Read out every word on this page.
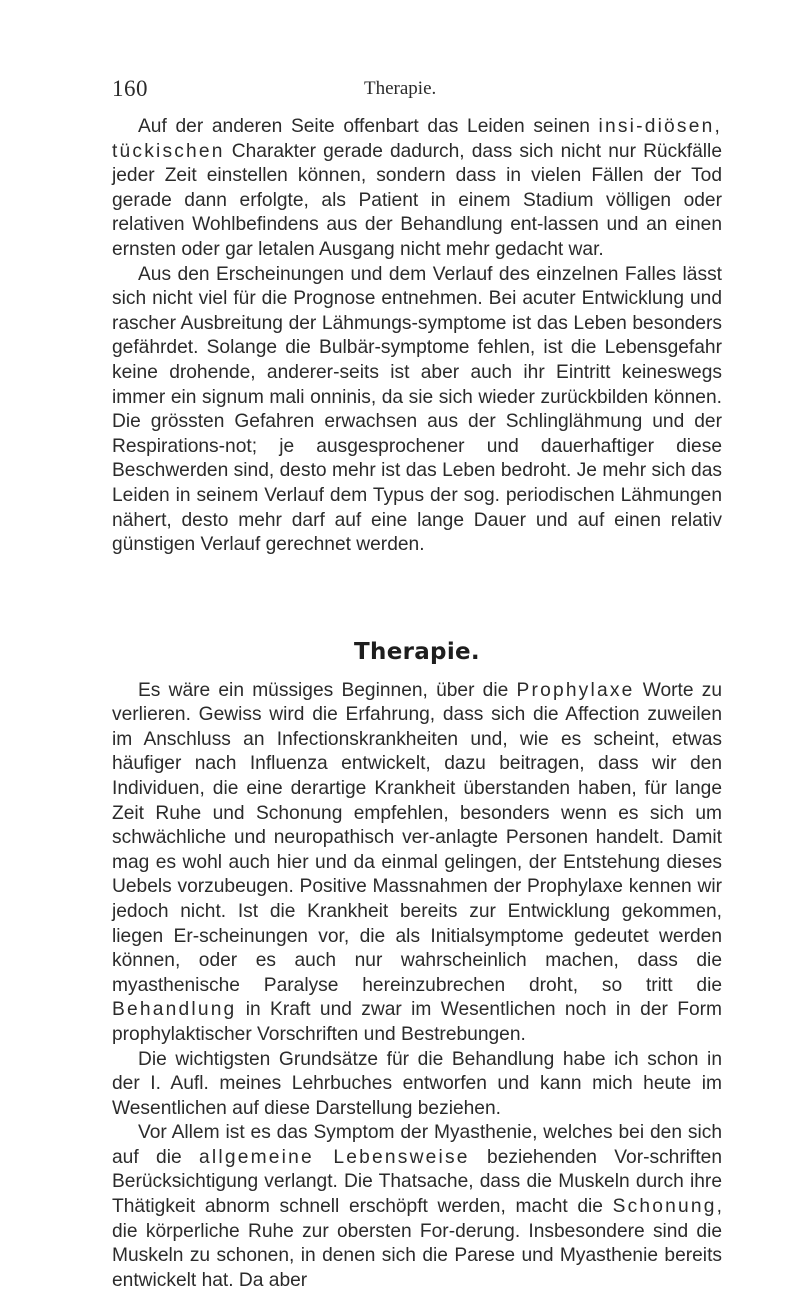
160	Therapie.

Auf der anderen Seite offenbart das Leiden seinen insi-diösen, tückischen Charakter gerade dadurch, dass sich nicht nur Rückfälle jeder Zeit einstellen können, sondern dass in vielen Fällen der Tod gerade dann erfolgte, als Patient in einem Stadium völligen oder relativen Wohlbefindens aus der Behandlung ent-lassen und an einen ernsten oder gar letalen Ausgang nicht mehr gedacht war.

Aus den Erscheinungen und dem Verlauf des einzelnen Falles lässt sich nicht viel für die Prognose entnehmen. Bei acuter Entwicklung und rascher Ausbreitung der Lähmungs-symptome ist das Leben besonders gefährdet. Solange die Bulbär-symptome fehlen, ist die Lebensgefahr keine drohende, anderer-seits ist aber auch ihr Eintritt keineswegs immer ein signum mali onninis, da sie sich wieder zurückbilden können. Die grössten Gefahren erwachsen aus der Schlinglähmung und der Respirations-not; je ausgesprochener und dauerhaftiger diese Beschwerden sind, desto mehr ist das Leben bedroht. Je mehr sich das Leiden in seinem Verlauf dem Typus der sog. periodischen Lähmungen nähert, desto mehr darf auf eine lange Dauer und auf einen relativ günstigen Verlauf gerechnet werden.

Therapie.

Es wäre ein müssiges Beginnen, über die Prophylaxe Worte zu verlieren. Gewiss wird die Erfahrung, dass sich die Affection zuweilen im Anschluss an Infectionskrankheiten und, wie es scheint, etwas häufiger nach Influenza entwickelt, dazu beitragen, dass wir den Individuen, die eine derartige Krankheit überstanden haben, für lange Zeit Ruhe und Schonung empfehlen, besonders wenn es sich um schwächliche und neuropathisch ver-anlagte Personen handelt. Damit mag es wohl auch hier und da einmal gelingen, der Entstehung dieses Uebels vorzubeugen. Positive Massnahmen der Prophylaxe kennen wir jedoch nicht. Ist die Krankheit bereits zur Entwicklung gekommen, liegen Er-scheinungen vor, die als Initialsymptome gedeutet werden können, oder es auch nur wahrscheinlich machen, dass die myasthenische Paralyse hereinzubrechen droht, so tritt die Behandlung in Kraft und zwar im Wesentlichen noch in der Form prophylaktischer Vorschriften und Bestrebungen.

Die wichtigsten Grundsätze für die Behandlung habe ich schon in der I. Aufl. meines Lehrbuches entworfen und kann mich heute im Wesentlichen auf diese Darstellung beziehen.

Vor Allem ist es das Symptom der Myasthenie, welches bei den sich auf die allgemeine Lebensweise beziehenden Vor-schriften Berücksichtigung verlangt. Die Thatsache, dass die Muskeln durch ihre Thätigkeit abnorm schnell erschöpft werden, macht die Schonung, die körperliche Ruhe zur obersten For-derung. Insbesondere sind die Muskeln zu schonen, in denen sich die Parese und Myasthenie bereits entwickelt hat. Da aber
